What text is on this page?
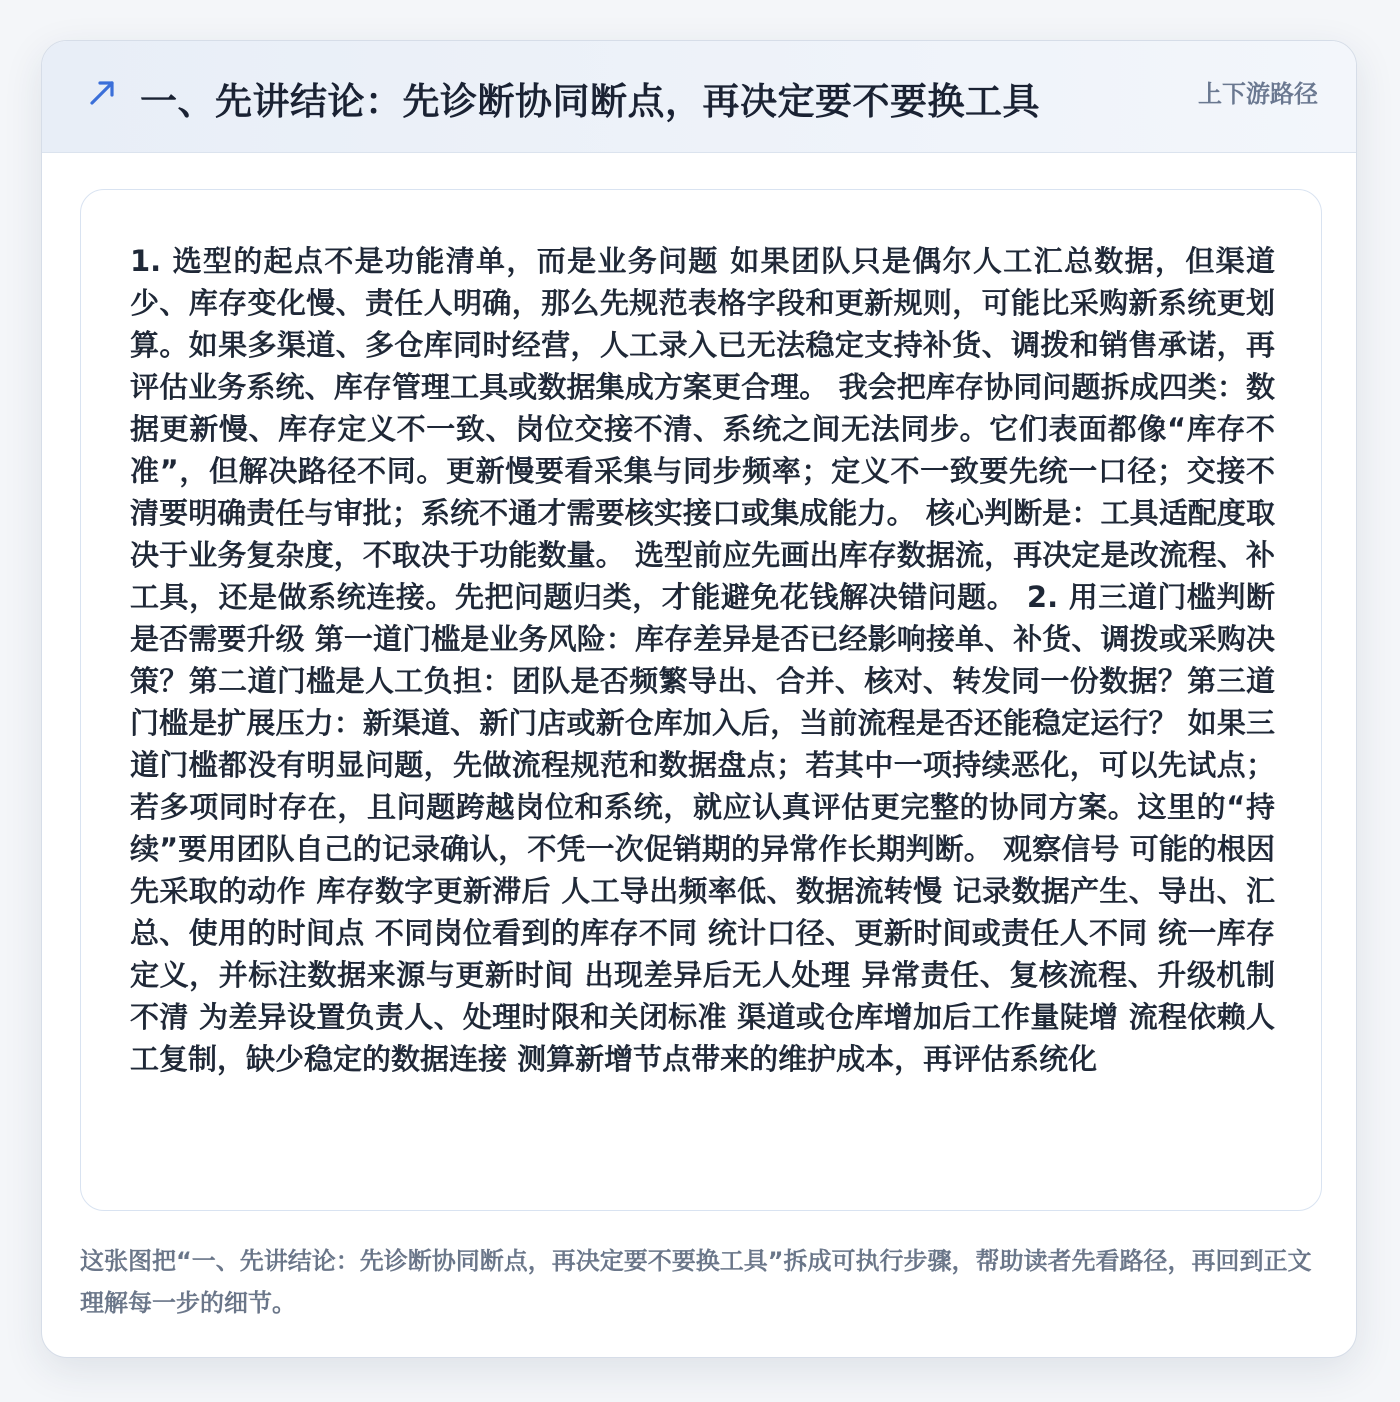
一、先讲结论：先诊断协同断点，再决定要不要换工具	上下游路径

1. 选型的起点不是功能清单，而是业务问题 如果团队只是偶尔人工汇总数据，但渠道少、库存变化慢、责任人明确，那么先规范表格字段和更新规则，可能比采购新系统更划算。如果多渠道、多仓库同时经营，人工录入已无法稳定支持补货、调拨和销售承诺，再评估业务系统、库存管理工具或数据集成方案更合理。 我会把库存协同问题拆成四类：数据更新慢、库存定义不一致、岗位交接不清、系统之间无法同步。它们表面都像“库存不准”，但解决路径不同。更新慢要看采集与同步频率；定义不一致要先统一口径；交接不清要明确责任与审批；系统不通才需要核实接口或集成能力。 核心判断是：工具适配度取决于业务复杂度，不取决于功能数量。 选型前应先画出库存数据流，再决定是改流程、补工具，还是做系统连接。先把问题归类，才能避免花钱解决错问题。 2. 用三道门槛判断是否需要升级 第一道门槛是业务风险：库存差异是否已经影响接单、补货、调拨或采购决策？第二道门槛是人工负担：团队是否频繁导出、合并、核对、转发同一份数据？第三道门槛是扩展压力：新渠道、新门店或新仓库加入后，当前流程是否还能稳定运行？ 如果三道门槛都没有明显问题，先做流程规范和数据盘点；若其中一项持续恶化，可以先试点；若多项同时存在，且问题跨越岗位和系统，就应认真评估更完整的协同方案。这里的“持续”要用团队自己的记录确认，不凭一次促销期的异常作长期判断。 观察信号 可能的根因 先采取的动作 库存数字更新滞后 人工导出频率低、数据流转慢 记录数据产生、导出、汇总、使用的时间点 不同岗位看到的库存不同 统计口径、更新时间或责任人不同 统一库存定义，并标注数据来源与更新时间 出现差异后无人处理 异常责任、复核流程、升级机制不清 为差异设置负责人、处理时限和关闭标准 渠道或仓库增加后工作量陡增 流程依赖人工复制，缺少稳定的数据连接 测算新增节点带来的维护成本，再评估系统化

这张图把“一、先讲结论：先诊断协同断点，再决定要不要换工具”拆成可执行步骤，帮助读者先看路径，再回到正文理解每一步的细节。
